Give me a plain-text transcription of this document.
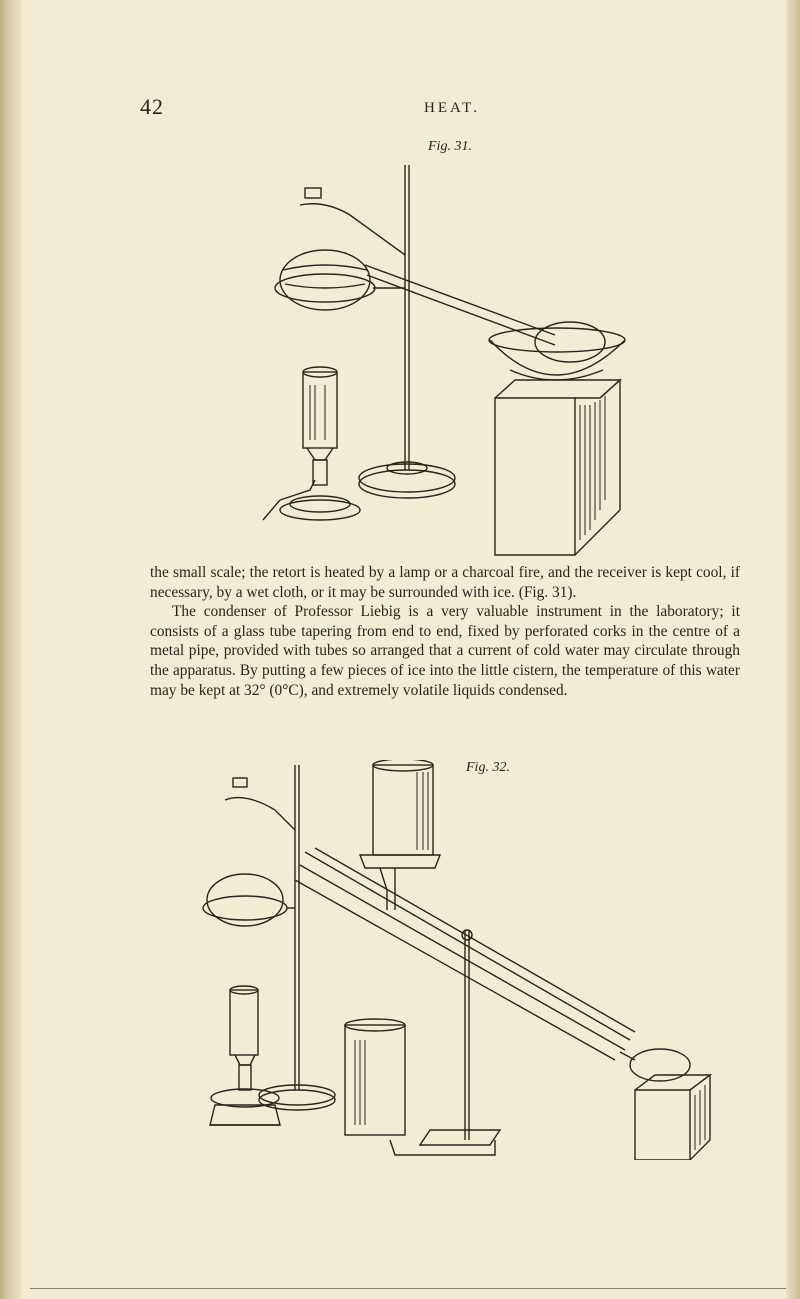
42	HEAT.
Fig. 31.

the small scale; the retort is heated by a lamp or a charcoal fire, and the receiver is kept cool, if necessary, by a wet cloth, or it may be surrounded with ice. (Fig. 31).

The condenser of Professor Liebig is a very valuable instrument in the laboratory; it consists of a glass tube tapering from end to end, fixed by perforated corks in the centre of a metal pipe, provided with tubes so arranged that a current of cold water may circulate through the apparatus. By putting a few pieces of ice into the little cistern, the temperature of this water may be kept at 32° (0°C), and extremely volatile liquids condensed.

Fig. 32.
